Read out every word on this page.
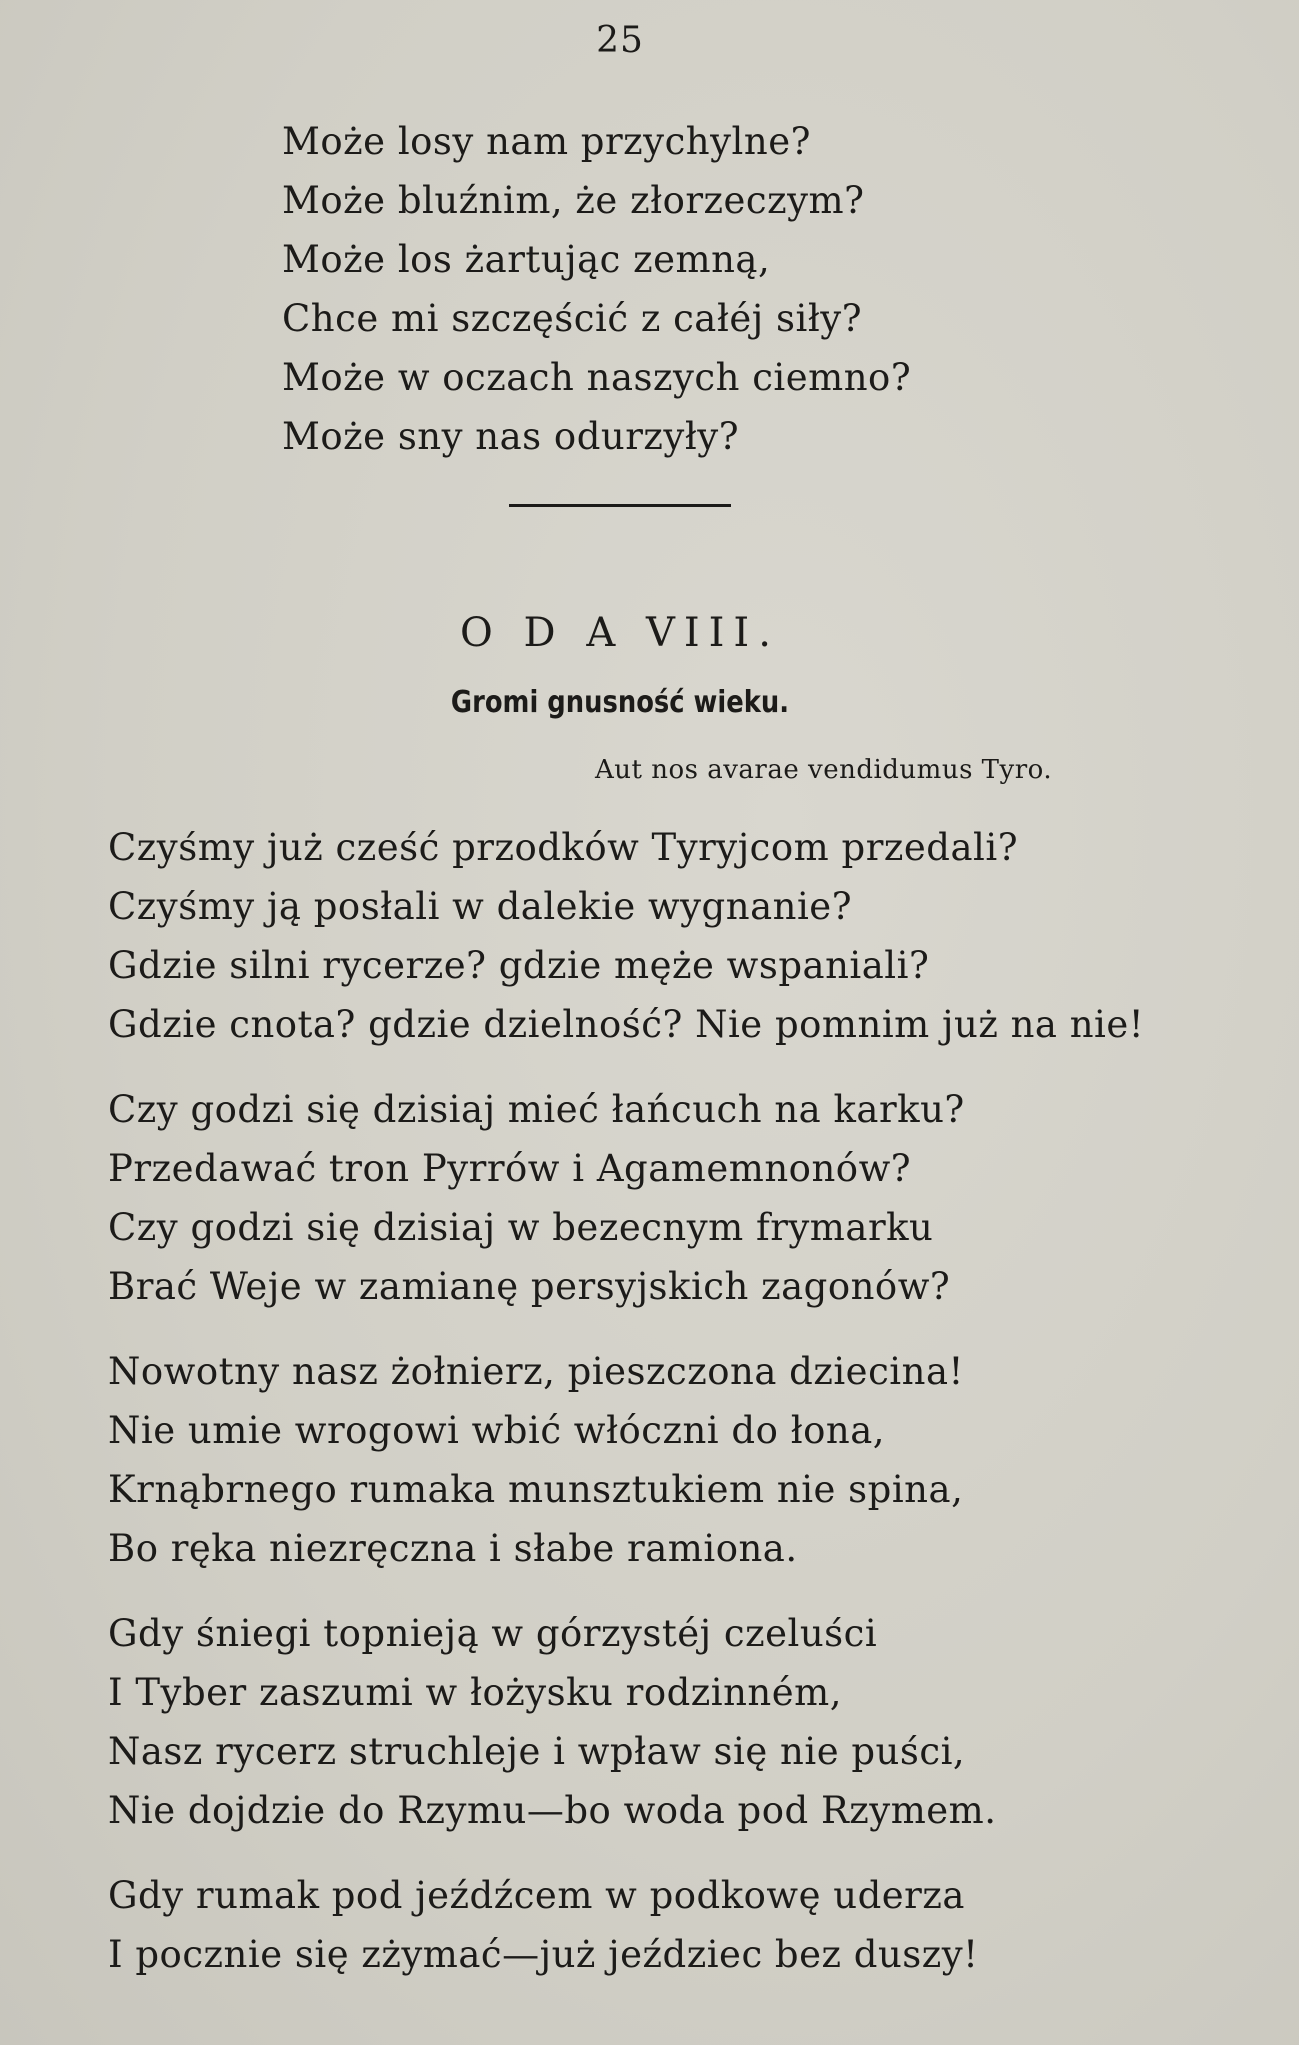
25
Może losy nam przychylne?
Może bluźnim, że złorzeczym?
Może los żartując zemną,
Chce mi szczęścić z całéj siły?
Może w oczach naszych ciemno?
Może sny nas odurzyły?
O D A VIII.
Gromi gnusność wieku.
Aut nos avarae vendidumus Tyro.
Czyśmy już cześć przodków Tyryjcom przedali?
Czyśmy ją posłali w dalekie wygnanie?
Gdzie silni rycerze? gdzie męże wspaniali?
Gdzie cnota? gdzie dzielność? Nie pomnim już na nie!
Czy godzi się dzisiaj mieć łańcuch na karku?
Przedawać tron Pyrrów i Agamemnonów?
Czy godzi się dzisiaj w bezecnym frymarku
Brać Weje w zamianę persyjskich zagonów?
Nowotny nasz żołnierz, pieszczona dziecina!
Nie umie wrogowi wbić włóczni do łona,
Krnąbrnego rumaka munsztukiem nie spina,
Bo ręka niezręczna i słabe ramiona.
Gdy śniegi topnieją w górzystéj czeluści
I Tyber zaszumi w łożysku rodzinném,
Nasz rycerz struchleje i wpław się nie puści,
Nie dojdzie do Rzymu—bo woda pod Rzymem.
Gdy rumak pod jeźdźcem w podkowę uderza
I pocznie się zżymać—już jeździec bez duszy!
